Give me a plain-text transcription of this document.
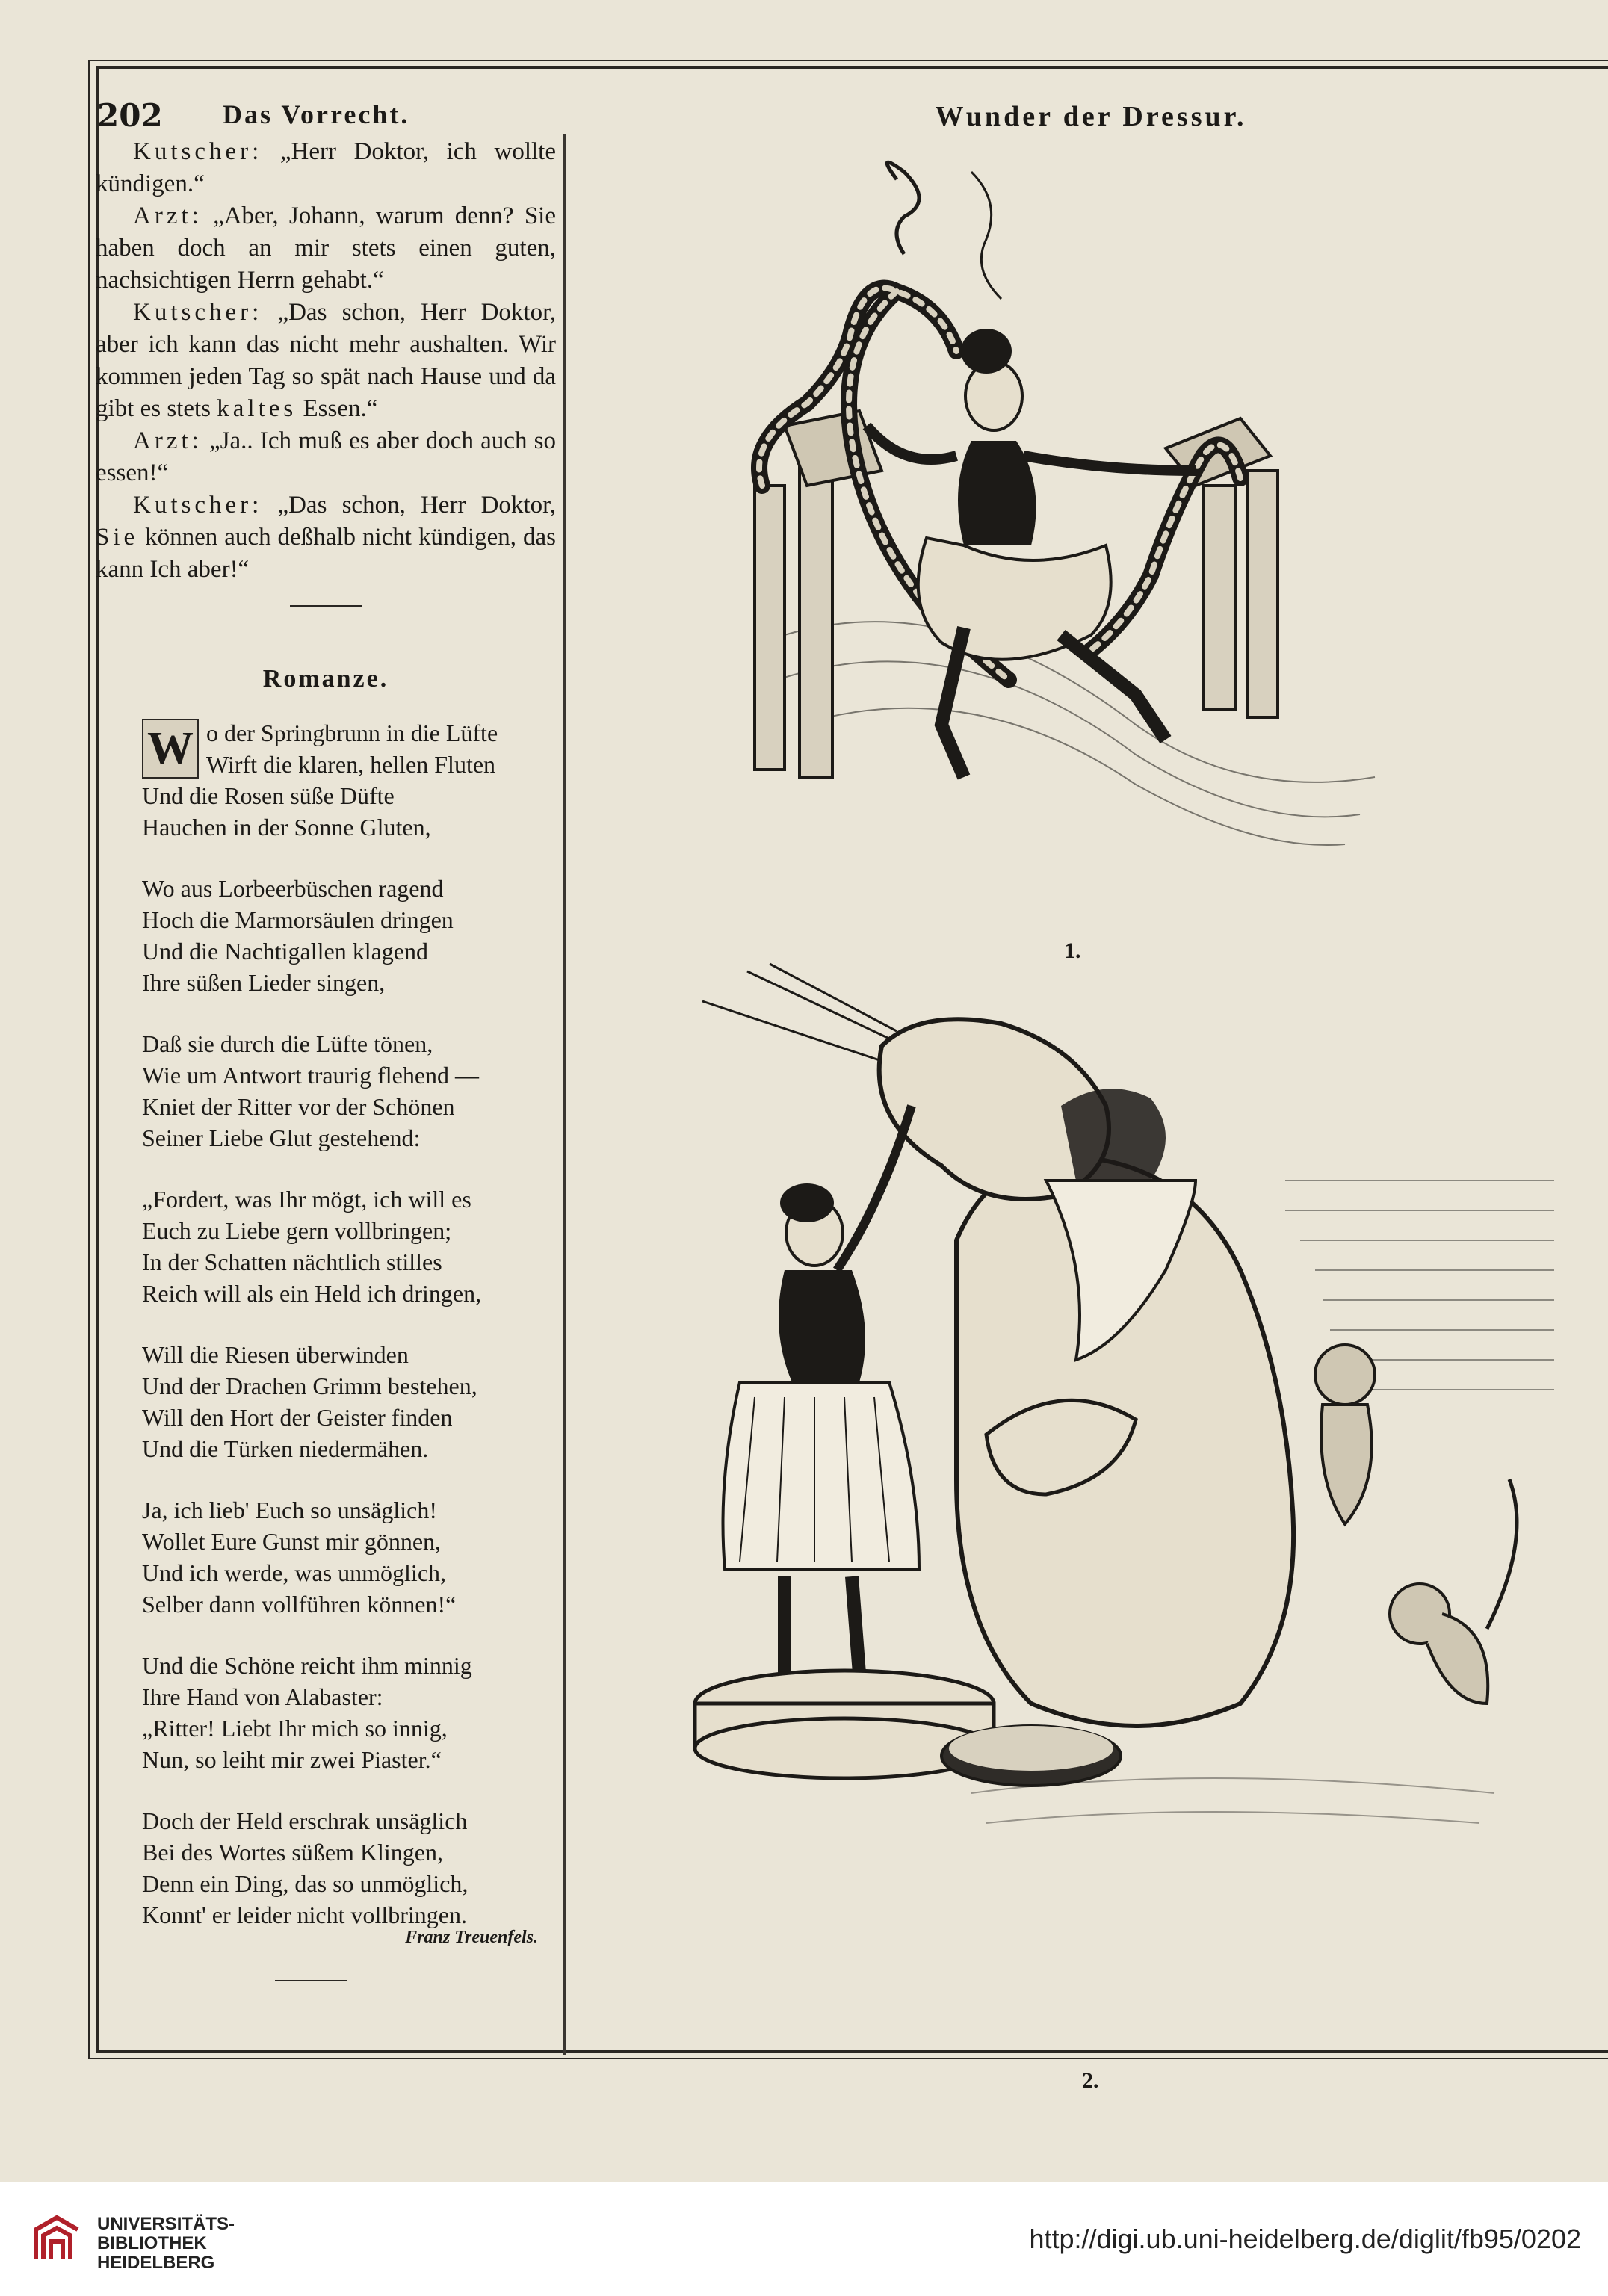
202 Das Vorrecht.

Kutscher: „Herr Doktor, ich wollte kündigen.“

Arzt: „Aber, Johann, warum denn? Sie haben doch an mir stets einen guten, nachsichtigen Herrn gehabt.“

Kutscher: „Das schon, Herr Doktor, aber ich kann das nicht mehr aushalten. Wir kommen jeden Tag so spät nach Hause und da gibt es stets kaltes Essen.“

Arzt: „Ja.. Ich muß es aber doch auch so essen!“

Kutscher: „Das schon, Herr Doktor, Sie können auch deßhalb nicht kündigen, das kann Ich aber!“

Romanze.
W o der Springbrunn in die Lüfte
Wirft die klaren, hellen Fluten
Und die Rosen süße Düfte
Hauchen in der Sonne Gluten,
Wo aus Lorbeerbüschen ragend
Hoch die Marmorsäulen dringen
Und die Nachtigallen klagend
Ihre süßen Lieder singen,
Daß sie durch die Lüfte tönen,
Wie um Antwort traurig flehend —
Kniet der Ritter vor der Schönen
Seiner Liebe Glut gestehend:
„Fordert, was Ihr mögt, ich will es
Euch zu Liebe gern vollbringen;
In der Schatten nächtlich stilles
Reich will als ein Held ich dringen,
Will die Riesen überwinden
Und der Drachen Grimm bestehen,
Will den Hort der Geister finden
Und die Türken niedermähen.
Ja, ich lieb' Euch so unsäglich!
Wollet Eure Gunst mir gönnen,
Und ich werde, was unmöglich,
Selber dann vollführen können!“
Und die Schöne reicht ihm minnig
Ihre Hand von Alabaster:
„Ritter! Liebt Ihr mich so innig,
Nun, so leiht mir zwei Piaster.“
Doch der Held erschrak unsäglich
Bei des Wortes süßem Klingen,
Denn ein Ding, das so unmöglich,
Konnt' er leider nicht vollbringen.
Franz Treuenfels.
Wunder der Dressur.
1.
2.
UNIVERSITÄTS-
BIBLIOTHEK
HEIDELBERG
http://digi.ub.uni-heidelberg.de/diglit/fb95/0202
